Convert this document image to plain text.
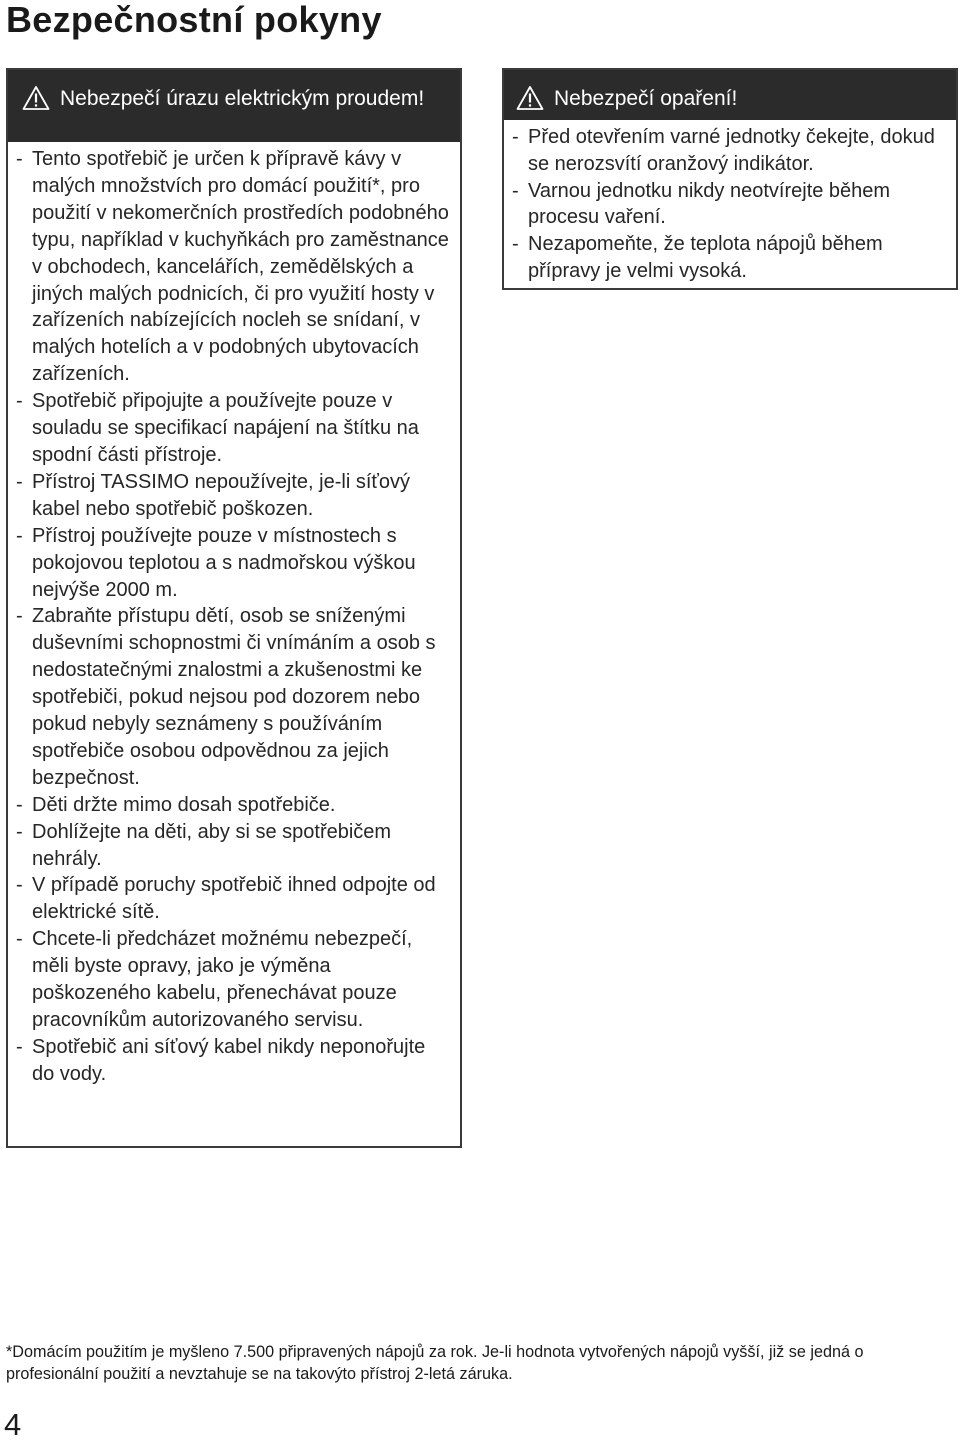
Bezpečnostní pokyny
Nebezpečí úrazu elektrickým proudem!
- Tento spotřebič je určen k přípravě kávy v malých množstvích pro domácí použití*, pro použití v nekomerčních prostředích podobného typu, například v kuchyňkách pro zaměstnance v obchodech, kancelářích, zemědělských a jiných malých podnicích, či pro využití hosty v zařízeních nabízejících nocleh se snídaní, v malých hotelích a v podobných ubytovacích zařízeních.
- Spotřebič připojujte a používejte pouze v souladu se specifikací napájení na štítku na spodní části přístroje.
- Přístroj TASSIMO nepoužívejte, je-li síťový kabel nebo spotřebič poškozen.
- Přístroj používejte pouze v místnostech s pokojovou teplotou a s nadmořskou výškou nejvýše 2000 m.
- Zabraňte přístupu dětí, osob se sníženými duševními schopnostmi či vnímáním a osob s nedostatečnými znalostmi a zkušenostmi ke spotřebiči, pokud nejsou pod dozorem nebo pokud nebyly seznámeny s používáním spotřebiče osobou odpovědnou za jejich bezpečnost.
- Děti držte mimo dosah spotřebiče.
- Dohlížejte na děti, aby si se spotřebičem nehrály.
- V případě poruchy spotřebič ihned odpojte od elektrické sítě.
- Chcete-li předcházet možnému nebezpečí, měli byste opravy, jako je výměna poškozeného kabelu, přenechávat pouze pracovníkům autorizovaného servisu.
- Spotřebič ani síťový kabel nikdy neponořujte do vody.
Nebezpečí opaření!
- Před otevřením varné jednotky čekejte, dokud se nerozsvítí oranžový indikátor.
- Varnou jednotku nikdy neotvírejte během procesu vaření.
- Nezapomeňte, že teplota nápojů během přípravy je velmi vysoká.

*Domácím použitím je myšleno 7.500 připravených nápojů za rok. Je-li hodnota vytvořených nápojů vyšší, již se jedná o profesionální použití a nevztahuje se na takovýto přístroj 2-letá záruka.

4
